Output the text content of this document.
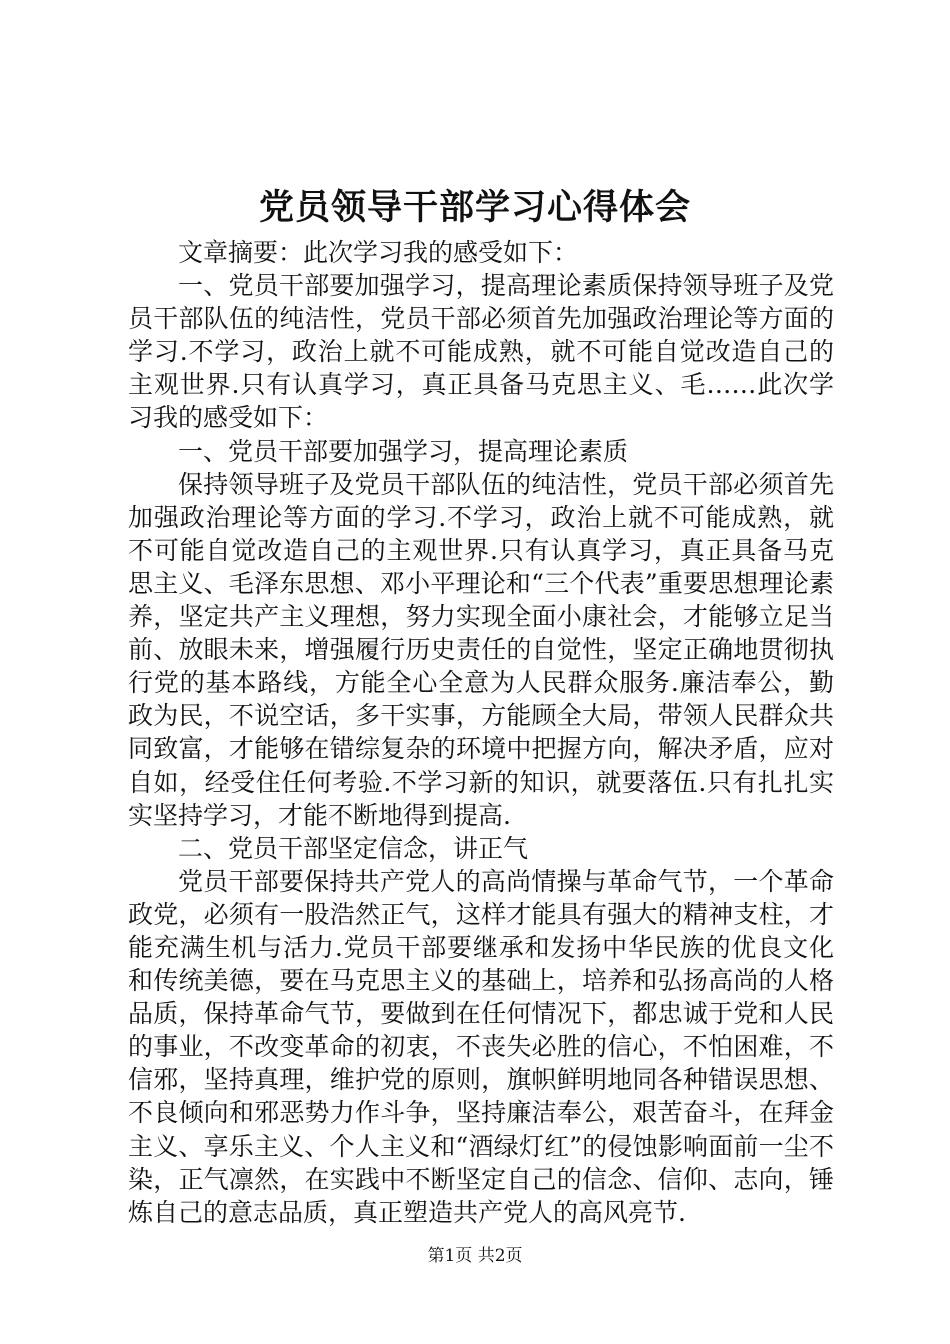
党员领导干部学习心得体会

文章摘要：此次学习我的感受如下：

一、党员干部要加强学习，提高理论素质保持领导班子及党员干部队伍的纯洁性，党员干部必须首先加强政治理论等方面的学习.不学习，政治上就不可能成熟，就不可能自觉改造自己的主观世界.只有认真学习，真正具备马克思主义、毛……此次学习我的感受如下：

一、党员干部要加强学习，提高理论素质

保持领导班子及党员干部队伍的纯洁性，党员干部必须首先加强政治理论等方面的学习.不学习，政治上就不可能成熟，就不可能自觉改造自己的主观世界.只有认真学习，真正具备马克思主义、毛泽东思想、邓小平理论和“三个代表”重要思想理论素养，坚定共产主义理想，努力实现全面小康社会，才能够立足当前、放眼未来，增强履行历史责任的自觉性，坚定正确地贯彻执行党的基本路线，方能全心全意为人民群众服务.廉洁奉公，勤政为民，不说空话，多干实事，方能顾全大局，带领人民群众共同致富，才能够在错综复杂的环境中把握方向，解决矛盾，应对自如，经受住任何考验.不学习新的知识，就要落伍.只有扎扎实实坚持学习，才能不断地得到提高.

二、党员干部坚定信念，讲正气

党员干部要保持共产党人的高尚情操与革命气节，一个革命政党，必须有一股浩然正气，这样才能具有强大的精神支柱，才能充满生机与活力.党员干部要继承和发扬中华民族的优良文化和传统美德，要在马克思主义的基础上，培养和弘扬高尚的人格品质，保持革命气节，要做到在任何情况下，都忠诚于党和人民的事业，不改变革命的初衷，不丧失必胜的信心，不怕困难，不信邪，坚持真理，维护党的原则，旗帜鲜明地同各种错误思想、不良倾向和邪恶势力作斗争，坚持廉洁奉公，艰苦奋斗，在拜金主义、享乐主义、个人主义和“酒绿灯红”的侵蚀影响面前一尘不染，正气凛然，在实践中不断坚定自己的信念、信仰、志向，锤炼自己的意志品质，真正塑造共产党人的高风亮节.

第1页 共2页
